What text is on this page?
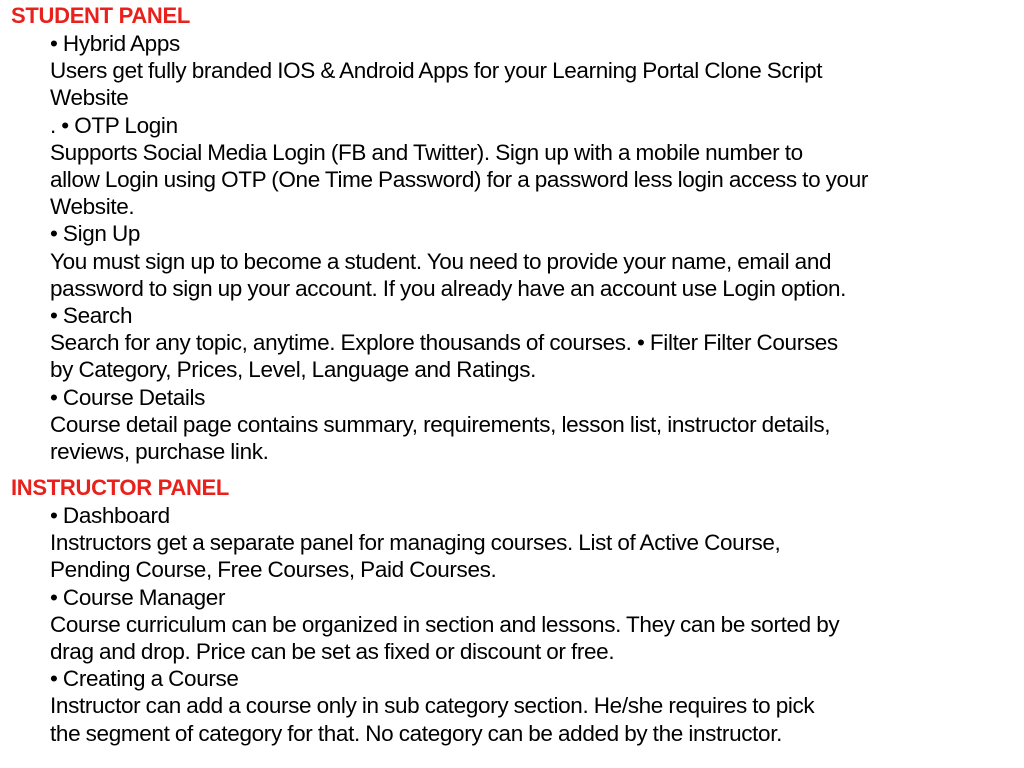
STUDENT PANEL

• Hybrid Apps

Users get fully branded IOS & Android Apps for your Learning Portal Clone Script

Website

. • OTP Login

Supports Social Media Login (FB and Twitter). Sign up with a mobile number to

allow Login using OTP (One Time Password) for a password less login access to your

Website.

• Sign Up

You must sign up to become a student. You need to provide your name, email and

password to sign up your account. If you already have an account use Login option.

• Search

Search for any topic, anytime. Explore thousands of courses. • Filter Filter Courses

by Category, Prices, Level, Language and Ratings.

• Course Details

Course detail page contains summary, requirements, lesson list, instructor details,

reviews, purchase link.

INSTRUCTOR PANEL

• Dashboard

Instructors get a separate panel for managing courses. List of Active Course,

Pending Course, Free Courses, Paid Courses.

• Course Manager

Course curriculum can be organized in section and lessons. They can be sorted by

drag and drop. Price can be set as fixed or discount or free.

• Creating a Course

Instructor can add a course only in sub category section. He/she requires to pick

the segment of category for that. No category can be added by the instructor.
